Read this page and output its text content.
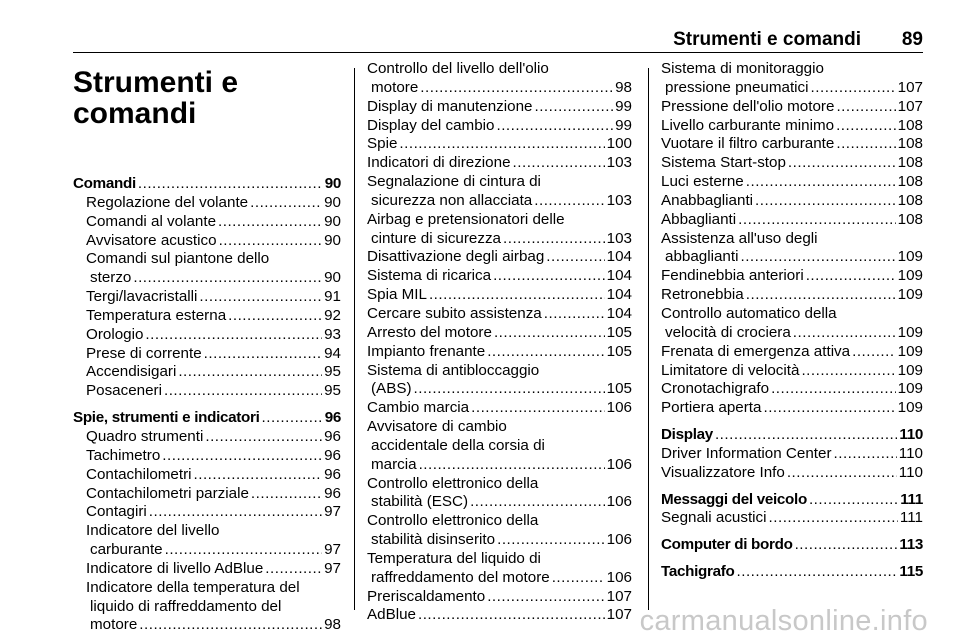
Strumenti e comandi 89
Strumenti e comandi
Comandi .....	90
Regolazione del volante .....	90
Comandi al volante .....	90
Avvisatore acustico .....	90
Comandi sul piantone dello
sterzo .....	90
Tergi/lavacristalli .....	91
Temperatura esterna .....	92
Orologio .....	93
Prese di corrente .....	94
Accendisigari .....	95
Posaceneri .....	95
Spie, strumenti e indicatori .....	96
Quadro strumenti .....	96
Tachimetro .....	96
Contachilometri .....	96
Contachilometri parziale .....	96
Contagiri .....	97
Indicatore del livello
carburante .....	97
Indicatore di livello AdBlue .....	97
Indicatore della temperatura del
liquido di raffreddamento del
motore .....	98
Controllo del livello dell'olio
motore .....	98
Display di manutenzione .....	99
Display del cambio .....	99
Spie .....	100
Indicatori di direzione .....	103
Segnalazione di cintura di
sicurezza non allacciata .....	103
Airbag e pretensionatori delle
cinture di sicurezza .....	103
Disattivazione degli airbag .....	104
Sistema di ricarica .....	104
Spia MIL .....	104
Cercare subito assistenza .....	104
Arresto del motore .....	105
Impianto frenante .....	105
Sistema di antibloccaggio
(ABS) .....	105
Cambio marcia .....	106
Avvisatore di cambio
accidentale della corsia di
marcia .....	106
Controllo elettronico della
stabilità (ESC) .....	106
Controllo elettronico della
stabilità disinserito .....	106
Temperatura del liquido di
raffreddamento del motore .....	106
Preriscaldamento .....	107
AdBlue .....	107
Sistema di monitoraggio
pressione pneumatici .....	107
Pressione dell'olio motore .....	107
Livello carburante minimo .....	108
Vuotare il filtro carburante .....	108
Sistema Start-stop .....	108
Luci esterne .....	108
Anabbaglianti .....	108
Abbaglianti .....	108
Assistenza all'uso degli
abbaglianti .....	109
Fendinebbia anteriori .....	109
Retronebbia .....	109
Controllo automatico della
velocità di crociera .....	109
Frenata di emergenza attiva .....	109
Limitatore di velocità .....	109
Cronotachigrafo .....	109
Portiera aperta .....	109
Display .....	110
Driver Information Center .....	110
Visualizzatore Info .....	110
Messaggi del veicolo .....	111
Segnali acustici .....	111
Computer di bordo .....	113
Tachigrafo .....	115
carmanualsonline.info
